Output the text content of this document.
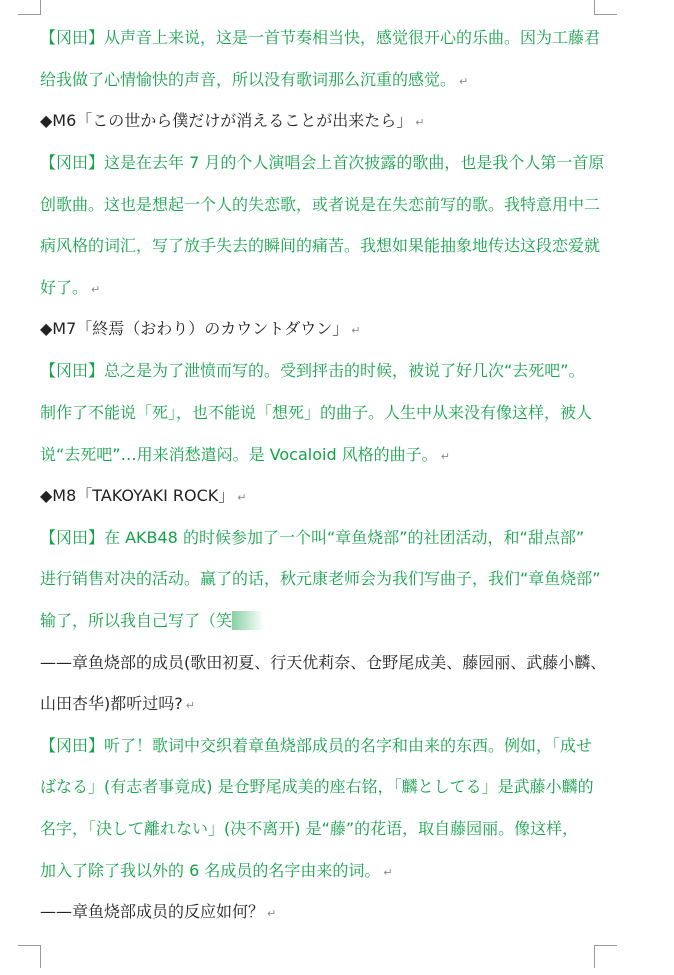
【冈田】从声音上来说，这是一首节奏相当快，感觉很开心的乐曲。因为工藤君
给我做了心情愉快的声音，所以没有歌词那么沉重的感觉。 ↵
◆M6「この世から僕だけが消えることが出来たら」 ↵
【冈田】这是在去年 7 月的个人演唱会上首次披露的歌曲，也是我个人第一首原
创歌曲。这也是想起一个人的失恋歌，或者说是在失恋前写的歌。我特意用中二
病风格的词汇，写了放手失去的瞬间的痛苦。我想如果能抽象地传达这段恋爱就
好了。 ↵
◆M7「終焉（おわり）のカウントダウン」 ↵
【冈田】总之是为了泄愤而写的。受到抨击的时候，被说了好几次“去死吧”。
制作了不能说「死」，也不能说「想死」的曲子。人生中从来没有像这样，被人
说“去死吧”…用来消愁遣闷。是 Vocaloid 风格的曲子。 ↵
◆M8「TAKOYAKI ROCK」 ↵
【冈田】在 AKB48 的时候参加了一个叫“章鱼烧部”的社团活动，和“甜点部”
进行销售对决的活动。赢了的话，秋元康老师会为我们写曲子，我们“章鱼烧部”
输了，所以我自己写了（笑　　
——章鱼烧部的成员(歌田初夏、行天优莉奈、仓野尾成美、藤园丽、武藤小麟、
山田杏华)都听过吗? ↵
【冈田】听了！歌词中交织着章鱼烧部成员的名字和由来的东西。例如，「成せ
ばなる」(有志者事竟成) 是仓野尾成美的座右铭，「麟としてる」是武藤小麟的
名字，「決して離れない」(决不离开) 是“藤”的花语，取自藤园丽。像这样，
加入了除了我以外的 6 名成员的名字由来的词。 ↵
——章鱼烧部成员的反应如何？ ↵
